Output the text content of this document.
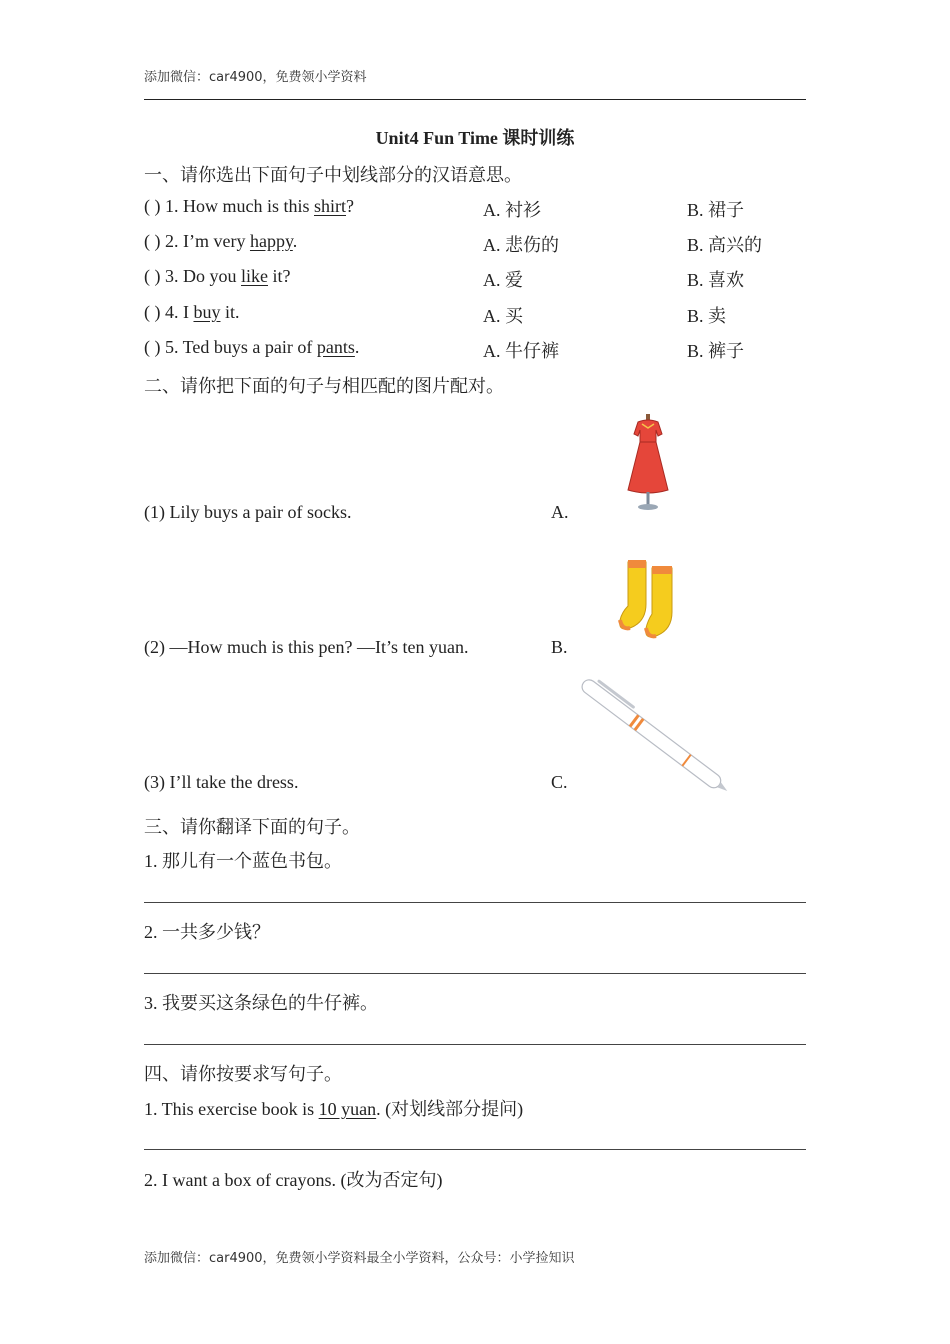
添加微信：car4900，免费领小学资料
Unit4 Fun Time 课时训练
一、请你选出下面句子中划线部分的汉语意思。
( ) 1. How much is this shirt?	A. 衬衫	B. 裙子
( ) 2. I’m very happy.	A. 悲伤的	B. 高兴的
( ) 3. Do you like it?	A. 爱	B. 喜欢
( ) 4. I buy it.	A. 买	B. 卖
( ) 5. Ted buys a pair of pants.	A. 牛仔裤	B. 裤子
二、请你把下面的句子与相匹配的图片配对。
(1) Lily buys a pair of socks.	A.
(2) —How much is this pen? —It’s ten yuan.	B.
(3) I’ll take the dress.	C.
三、请你翻译下面的句子。
1. 那儿有一个蓝色书包。
2. 一共多少钱？
3. 我要买这条绿色的牛仔裤。
四、请你按要求写句子。
1. This exercise book is 10 yuan. (对划线部分提问)
2. I want a box of crayons. (改为否定句)
添加微信：car4900，免费领小学资料最全小学资料，公众号：小学捡知识
